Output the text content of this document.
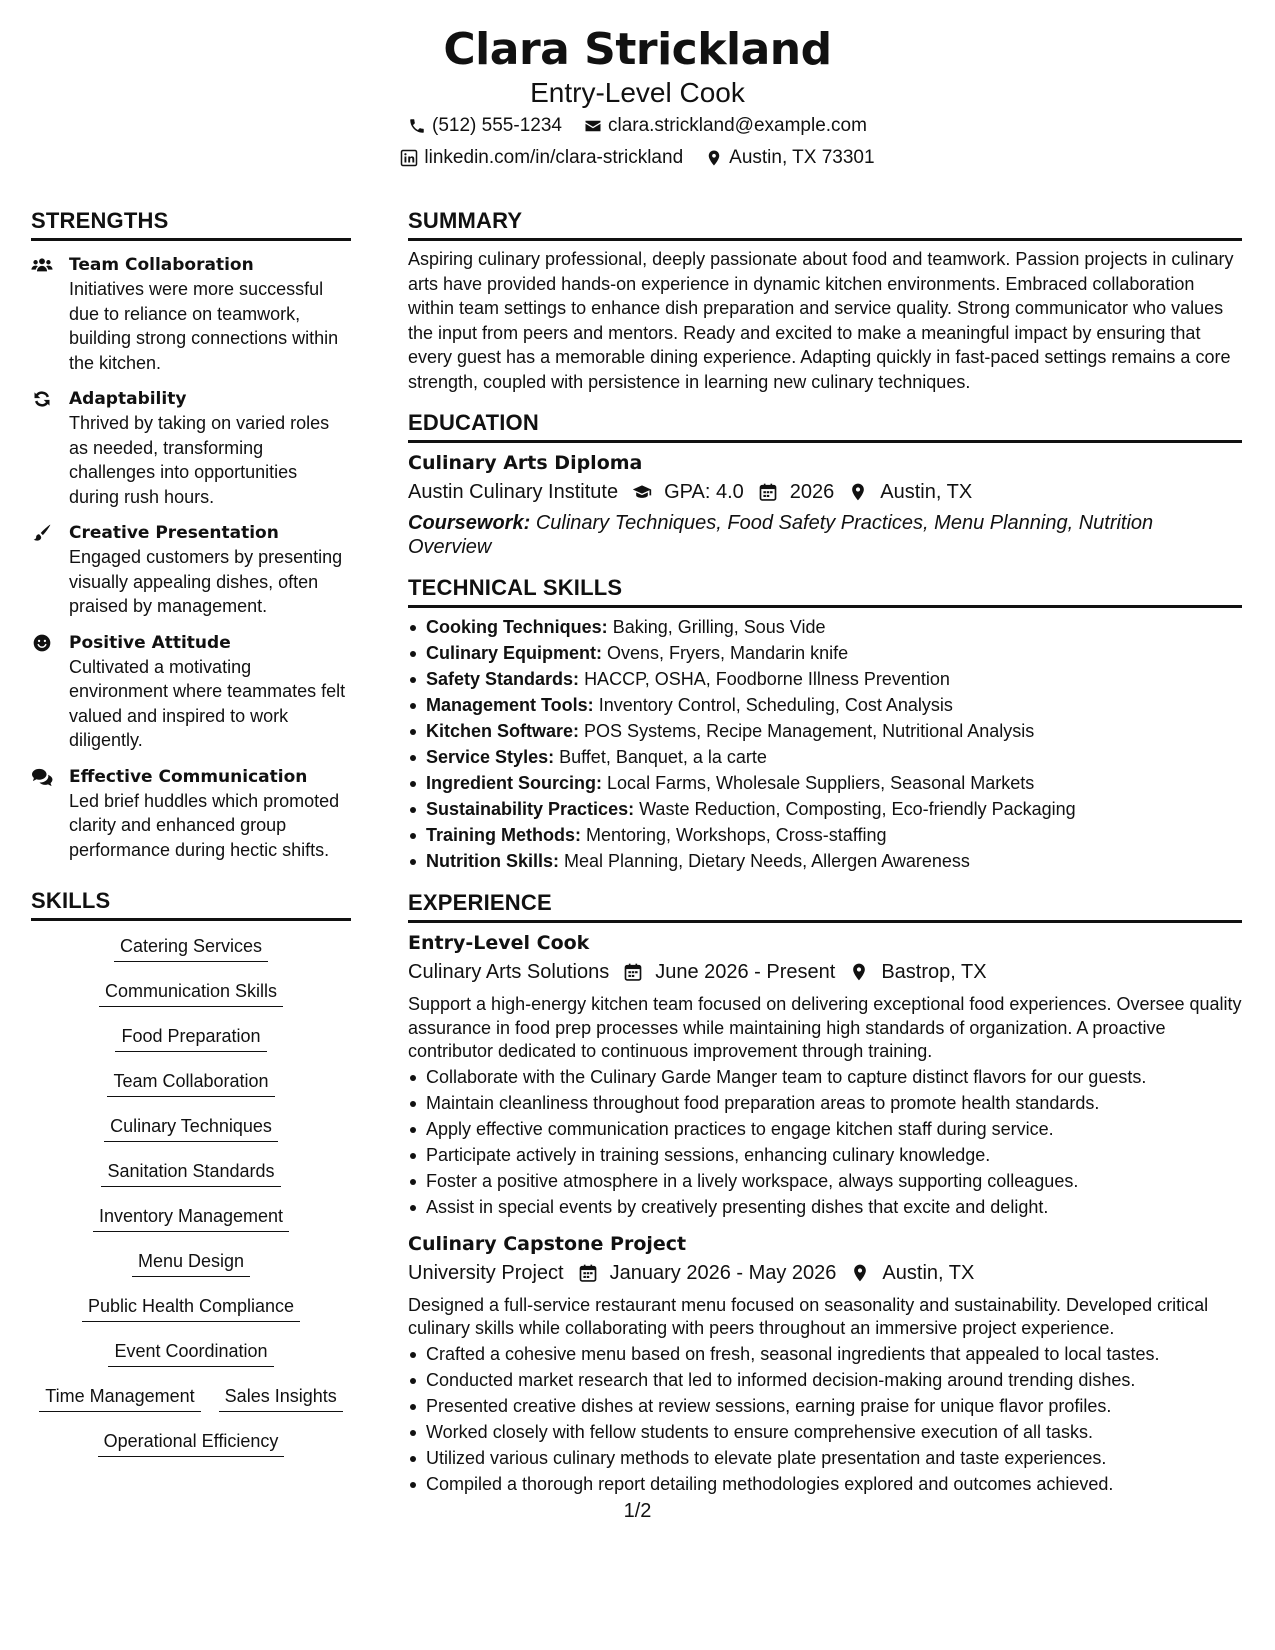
Clara Strickland
Entry-Level Cook
(512) 555-1234 clara.strickland@example.com
linkedin.com/in/clara-strickland Austin, TX 73301
STRENGTHS
Team Collaboration
Initiatives were more successful due to reliance on teamwork, building strong connections within the kitchen.
Adaptability
Thrived by taking on varied roles as needed, transforming challenges into opportunities during rush hours.
Creative Presentation
Engaged customers by presenting visually appealing dishes, often praised by management.
Positive Attitude
Cultivated a motivating environment where teammates felt valued and inspired to work diligently.
Effective Communication
Led brief huddles which promoted clarity and enhanced group performance during hectic shifts.
SKILLS
Catering Services
Communication Skills
Food Preparation
Team Collaboration
Culinary Techniques
Sanitation Standards
Inventory Management
Menu Design
Public Health Compliance
Event Coordination
Time Management	Sales Insights
Operational Efficiency
SUMMARY
Aspiring culinary professional, deeply passionate about food and teamwork. Passion projects in culinary arts have provided hands-on experience in dynamic kitchen environments. Embraced collaboration within team settings to enhance dish preparation and service quality. Strong communicator who values the input from peers and mentors. Ready and excited to make a meaningful impact by ensuring that every guest has a memorable dining experience. Adapting quickly in fast-paced settings remains a core strength, coupled with persistence in learning new culinary techniques.
EDUCATION
Culinary Arts Diploma
Austin Culinary Institute GPA: 4.0 2026 Austin, TX
Coursework: Culinary Techniques, Food Safety Practices, Menu Planning, Nutrition Overview
TECHNICAL SKILLS
Cooking Techniques: Baking, Grilling, Sous Vide
Culinary Equipment: Ovens, Fryers, Mandarin knife
Safety Standards: HACCP, OSHA, Foodborne Illness Prevention
Management Tools: Inventory Control, Scheduling, Cost Analysis
Kitchen Software: POS Systems, Recipe Management, Nutritional Analysis
Service Styles: Buffet, Banquet, a la carte
Ingredient Sourcing: Local Farms, Wholesale Suppliers, Seasonal Markets
Sustainability Practices: Waste Reduction, Composting, Eco-friendly Packaging
Training Methods: Mentoring, Workshops, Cross-staffing
Nutrition Skills: Meal Planning, Dietary Needs, Allergen Awareness
EXPERIENCE
Entry-Level Cook
Culinary Arts Solutions June 2026 - Present Bastrop, TX
Support a high-energy kitchen team focused on delivering exceptional food experiences. Oversee quality assurance in food prep processes while maintaining high standards of organization. A proactive contributor dedicated to continuous improvement through training.
Collaborate with the Culinary Garde Manger team to capture distinct flavors for our guests.
Maintain cleanliness throughout food preparation areas to promote health standards.
Apply effective communication practices to engage kitchen staff during service.
Participate actively in training sessions, enhancing culinary knowledge.
Foster a positive atmosphere in a lively workspace, always supporting colleagues.
Assist in special events by creatively presenting dishes that excite and delight.
Culinary Capstone Project
University Project January 2026 - May 2026 Austin, TX
Designed a full-service restaurant menu focused on seasonality and sustainability. Developed critical culinary skills while collaborating with peers throughout an immersive project experience.
Crafted a cohesive menu based on fresh, seasonal ingredients that appealed to local tastes.
Conducted market research that led to informed decision-making around trending dishes.
Presented creative dishes at review sessions, earning praise for unique flavor profiles.
Worked closely with fellow students to ensure comprehensive execution of all tasks.
Utilized various culinary methods to elevate plate presentation and taste experiences.
Compiled a thorough report detailing methodologies explored and outcomes achieved.
1/2
